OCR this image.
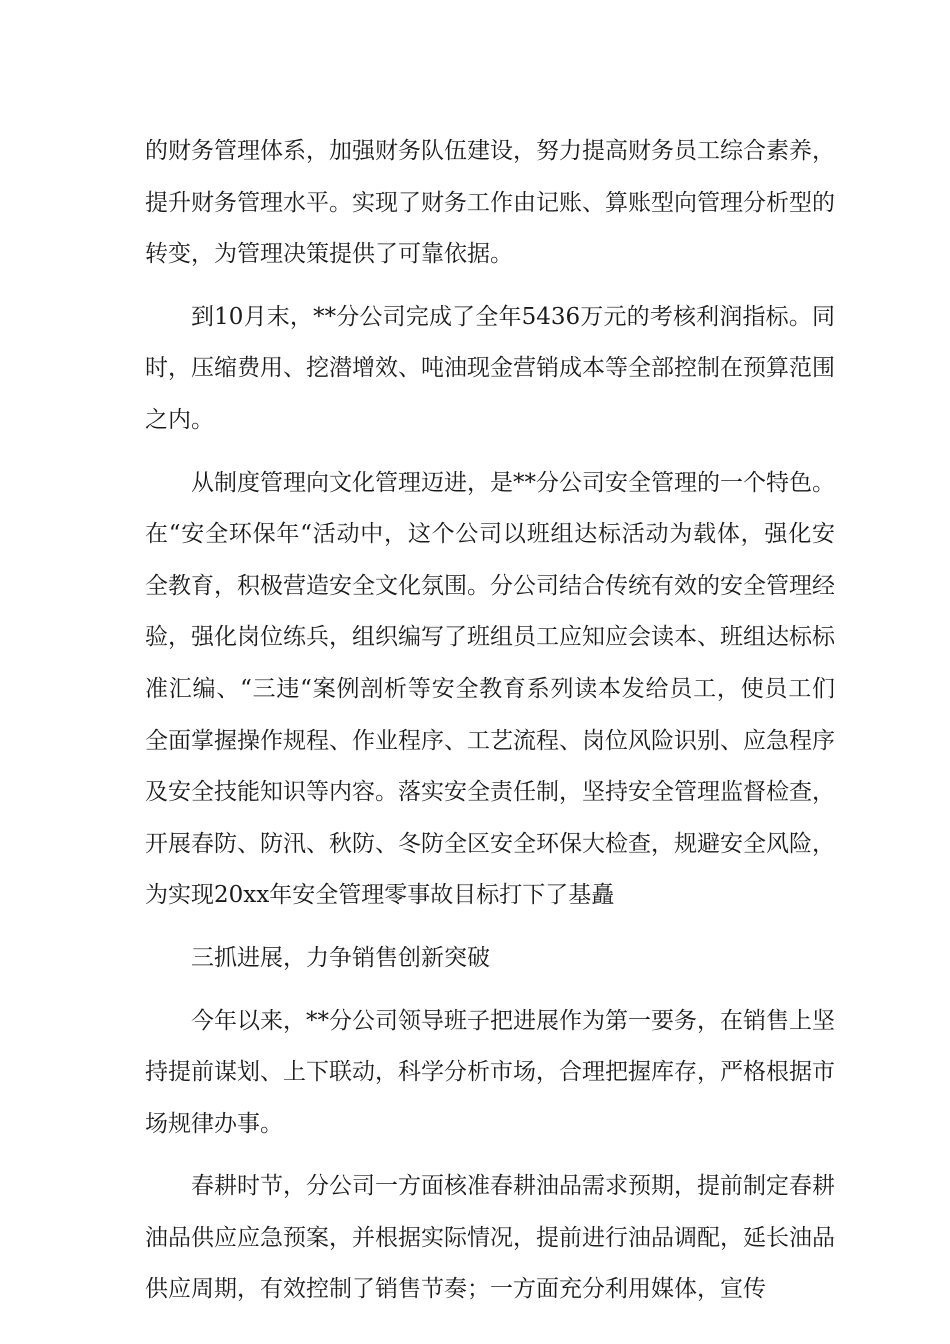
的财务管理体系，加强财务队伍建设，努力提高财务员工综合素养，提升财务管理水平。实现了财务工作由记账、算账型向管理分析型的转变，为管理决策提供了可靠依据。

到10月末，**分公司完成了全年5436万元的考核利润指标。同时，压缩费用、挖潜增效、吨油现金营销成本等全部控制在预算范围之内。

从制度管理向文化管理迈进，是**分公司安全管理的一个特色。在“安全环保年“活动中，这个公司以班组达标活动为载体，强化安全教育，积极营造安全文化氛围。分公司结合传统有效的安全管理经验，强化岗位练兵，组织编写了班组员工应知应会读本、班组达标标准汇编、“三违“案例剖析等安全教育系列读本发给员工，使员工们全面掌握操作规程、作业程序、工艺流程、岗位风险识别、应急程序及安全技能知识等内容。落实安全责任制，坚持安全管理监督检查，开展春防、防汛、秋防、冬防全区安全环保大检查，规避安全风险，为实现20xx年安全管理零事故目标打下了基矗

三抓进展，力争销售创新突破

今年以来，**分公司领导班子把进展作为第一要务，在销售上坚持提前谋划、上下联动，科学分析市场，合理把握库存，严格根据市场规律办事。

春耕时节，分公司一方面核准春耕油品需求预期，提前制定春耕油品供应应急预案，并根据实际情况，提前进行油品调配，延长油品供应周期，有效控制了销售节奏；一方面充分利用媒体，宣传
